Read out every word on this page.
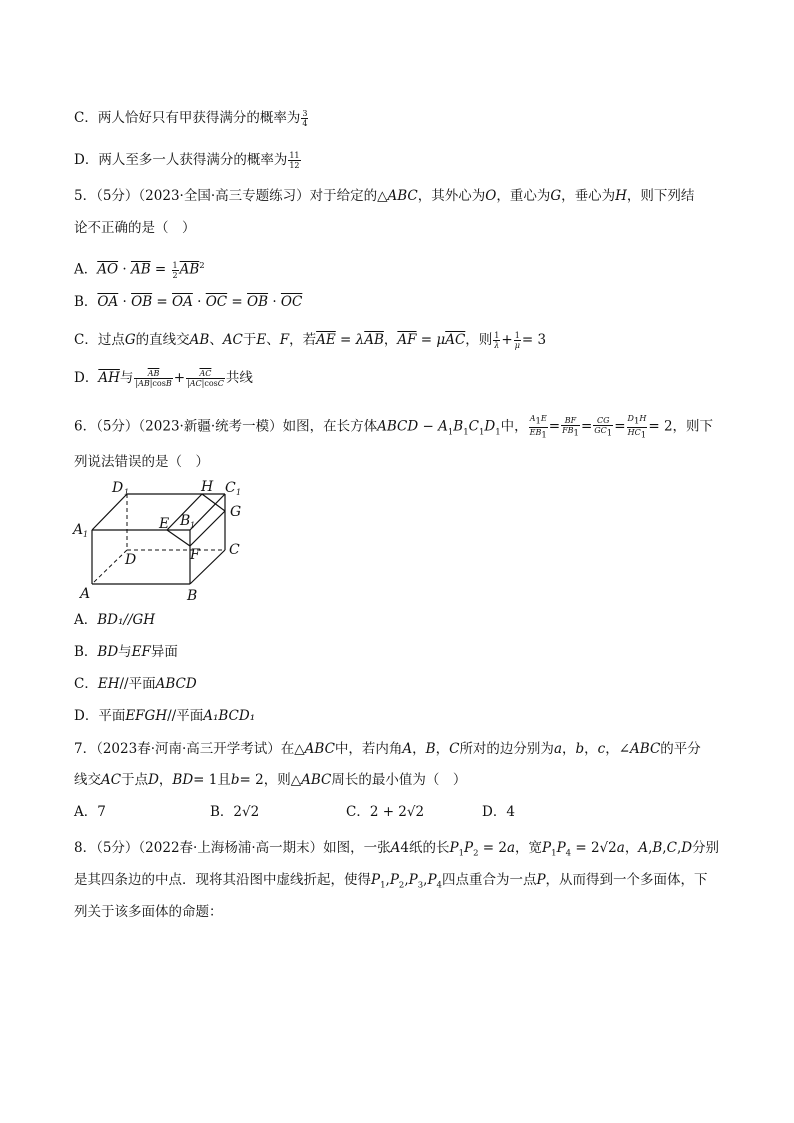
C．两人恰好只有甲获得满分的概率为 $\frac{3}{4}$
D．两人至多一人获得满分的概率为 $\frac{11}{12}$
5．（5分）（2023·全国·高三专题练习）对于给定的△ABC，其外心为O，重心为G，垂心为H，则下列结
论不正确的是（　）
A．$\overline{AO} \cdot \overline{AB} = \frac{1}{2} \overline{AB}^2$
B．$\overline{OA} \cdot \overline{OB} = \overline{OA} \cdot \overline{OC} = \overline{OB} \cdot \overline{OC}$
C．过点G的直线交AB、AC于E、F，若$\overline{AE} = \lambda\overline{AB}$，$\overline{AF} = \mu\overline{AC}$，则 $\frac{1}{\lambda} + \frac{1}{\mu} = 3$
D．$\overline{AH}$与 $\frac{\overline{AB}}{|\overline{AB}|\cos B} + \frac{\overline{AC}}{|\overline{AC}|\cos C}$ 共线
6．（5分）（2023·新疆·统考一模）如图，在长方体ABCD − $A_1B_1C_1D_1$中， $\frac{A_1E}{EB_1} = \frac{BF}{FB_1} = \frac{CG}{GC_1} = \frac{D_1H}{HC_1} = 2$，则下
列说法错误的是（　）
D 1	H C 1
A 1
E B 1
G
C
D	F
A	B
A．BD₁//GH
B．BD与EF异面
C．EH//平面ABCD
D．平面EFGH//平面A₁BCD₁
7．（2023春·河南·高三开学考试）在△ABC中，若内角A，B，C所对的边分别为a，b，c，∠ABC的平分
线交AC于点D，BD= 1且b= 2，则△ABC周长的最小值为（　）
A．7	B．2√2	C．2 + 2√2	D．4
8．（5分）（2022春·上海杨浦·高一期末）如图，一张A4纸的长$P_1P_2 = 2a$，宽$P_1P_4 = 2√2a$，A,B,C,D分别
是其四条边的中点．现将其沿图中虚线折起，使得$P_1,P_2,P_3,P_4$四点重合为一点P，从而得到一个多面体，下
列关于该多面体的命题：
